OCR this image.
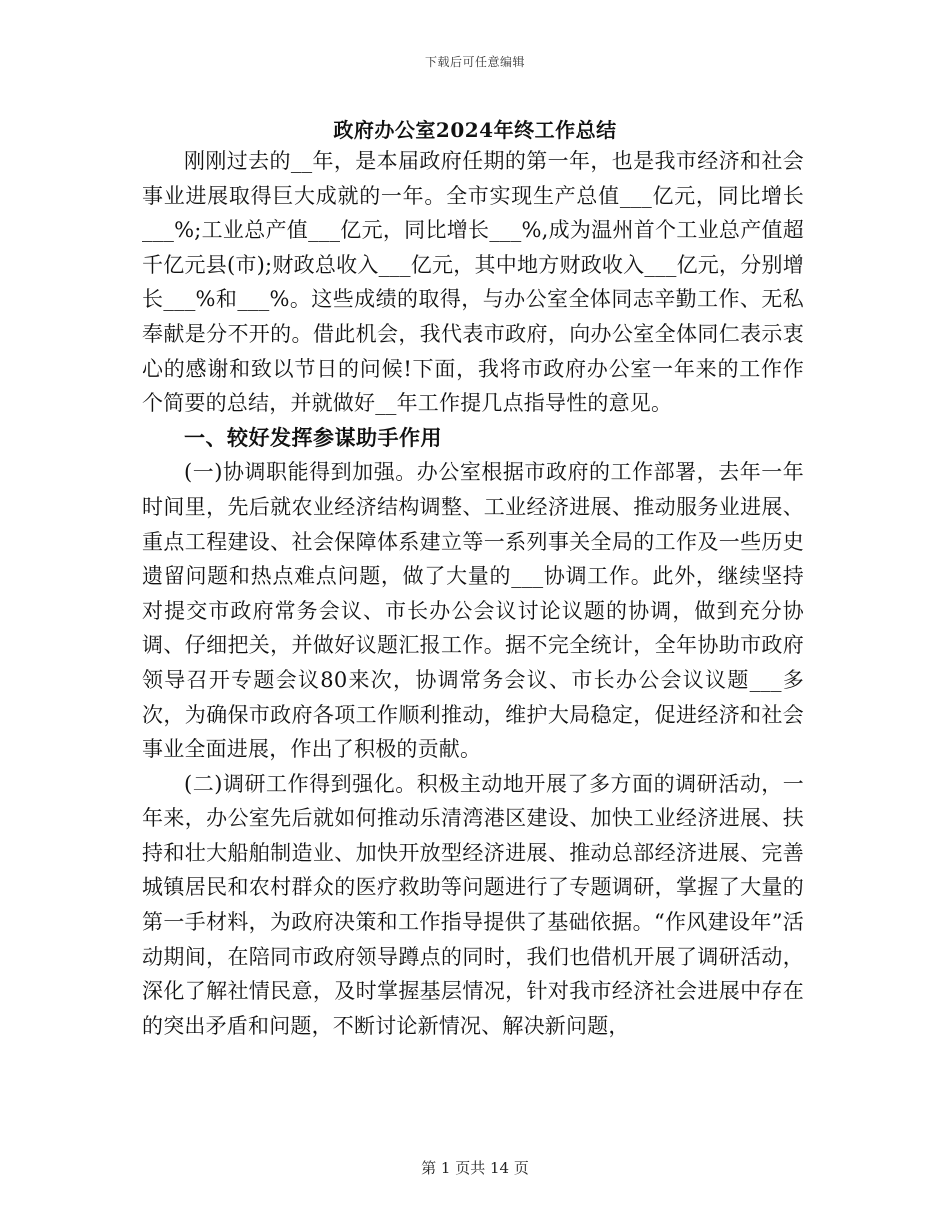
下载后可任意编辑
政府办公室2024年终工作总结

刚刚过去的__年，是本届政府任期的第一年，也是我市经济和社会事业进展取得巨大成就的一年。全市实现生产总值___亿元，同比增长___%;工业总产值___亿元，同比增长___%,成为温州首个工业总产值超千亿元县(市);财政总收入___亿元，其中地方财政收入___亿元，分别增长___%和___%。这些成绩的取得，与办公室全体同志辛勤工作、无私奉献是分不开的。借此机会，我代表市政府，向办公室全体同仁表示衷心的感谢和致以节日的问候!下面，我将市政府办公室一年来的工作作个简要的总结，并就做好__年工作提几点指导性的意见。

一、较好发挥参谋助手作用

(一)协调职能得到加强。办公室根据市政府的工作部署，去年一年时间里，先后就农业经济结构调整、工业经济进展、推动服务业进展、重点工程建设、社会保障体系建立等一系列事关全局的工作及一些历史遗留问题和热点难点问题，做了大量的___协调工作。此外，继续坚持对提交市政府常务会议、市长办公会议讨论议题的协调，做到充分协调、仔细把关，并做好议题汇报工作。据不完全统计，全年协助市政府领导召开专题会议80来次，协调常务会议、市长办公会议议题___多次，为确保市政府各项工作顺利推动，维护大局稳定，促进经济和社会事业全面进展，作出了积极的贡献。

(二)调研工作得到强化。积极主动地开展了多方面的调研活动，一年来，办公室先后就如何推动乐清湾港区建设、加快工业经济进展、扶持和壮大船舶制造业、加快开放型经济进展、推动总部经济进展、完善城镇居民和农村群众的医疗救助等问题进行了专题调研，掌握了大量的第一手材料，为政府决策和工作指导提供了基础依据。“作风建设年”活动期间，在陪同市政府领导蹲点的同时，我们也借机开展了调研活动，深化了解社情民意，及时掌握基层情况，针对我市经济社会进展中存在的突出矛盾和问题，不断讨论新情况、解决新问题，

第 1 页共 14 页
